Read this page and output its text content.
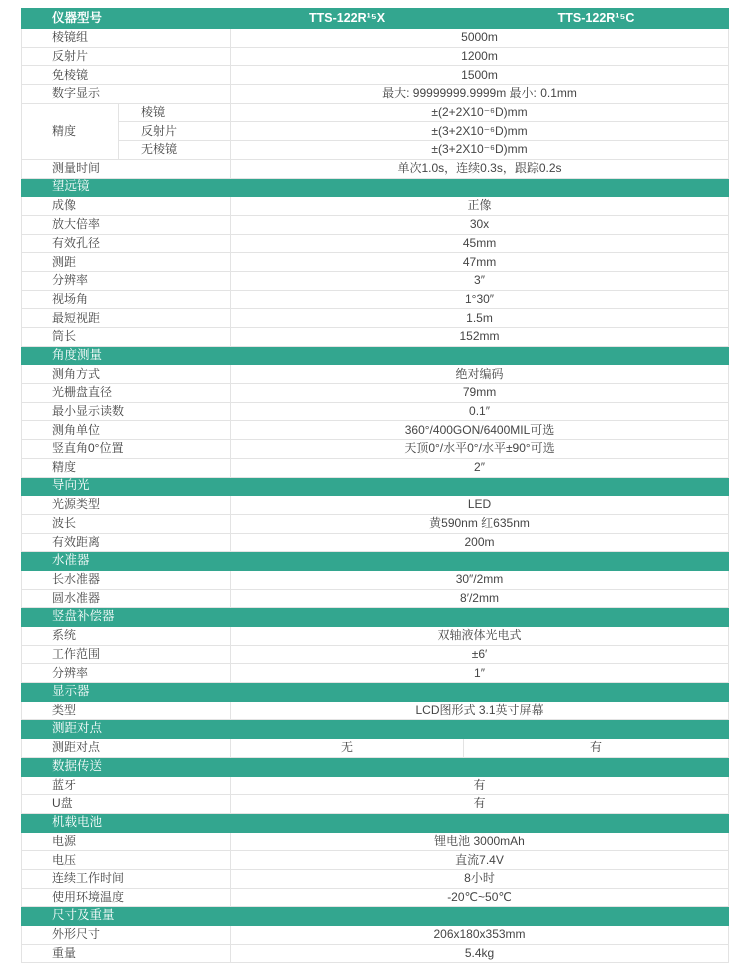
仪器型号		TTS-122R¹⁵X	TTS-122R¹⁵C
棱镜组		5000m	
反射片		1200m	
免棱镜		1500m	
数字显示		最大: 99999999.9999m 最小: 0.1mm	
精度	棱镜	±(2+2X10⁻⁶D)mm	
	反射片	±(3+2X10⁻⁶D)mm	
	无棱镜	±(3+2X10⁻⁶D)mm	
测量时间		单次1.0s，连续0.3s，跟踪0.2s	
望远镜			
成像		正像	
放大倍率		30x	
有效孔径		45mm	
测距		47mm	
分辨率		3″	
视场角		1°30″	
最短视距		1.5m	
筒长		152mm	
角度测量			
测角方式		绝对编码	
光栅盘直径		79mm	
最小显示读数		0.1″	
测角单位		360°/400GON/6400MIL可选	
竖直角0°位置		天顶0°/水平0°/水平±90°可选	
精度		2″	
导向光			
光源类型		LED	
波长		黄590nm 红635nm	
有效距离		200m	
水准器			
长水准器		30″/2mm	
圆水准器		8′/2mm	
竖盘补偿器			
系统		双轴液体光电式	
工作范围		±6′	
分辨率		1″	
显示器			
类型		LCD图形式 3.1英寸屏幕	
测距对点			
测距对点		无	有
数据传送			
蓝牙		有	
U盘		有	
机载电池			
电源		锂电池 3000mAh	
电压		直流7.4V	
连续工作时间		8小时	
使用环境温度		-20℃~50℃	
尺寸及重量			
外形尺寸		206x180x353mm	
重量		5.4kg	
